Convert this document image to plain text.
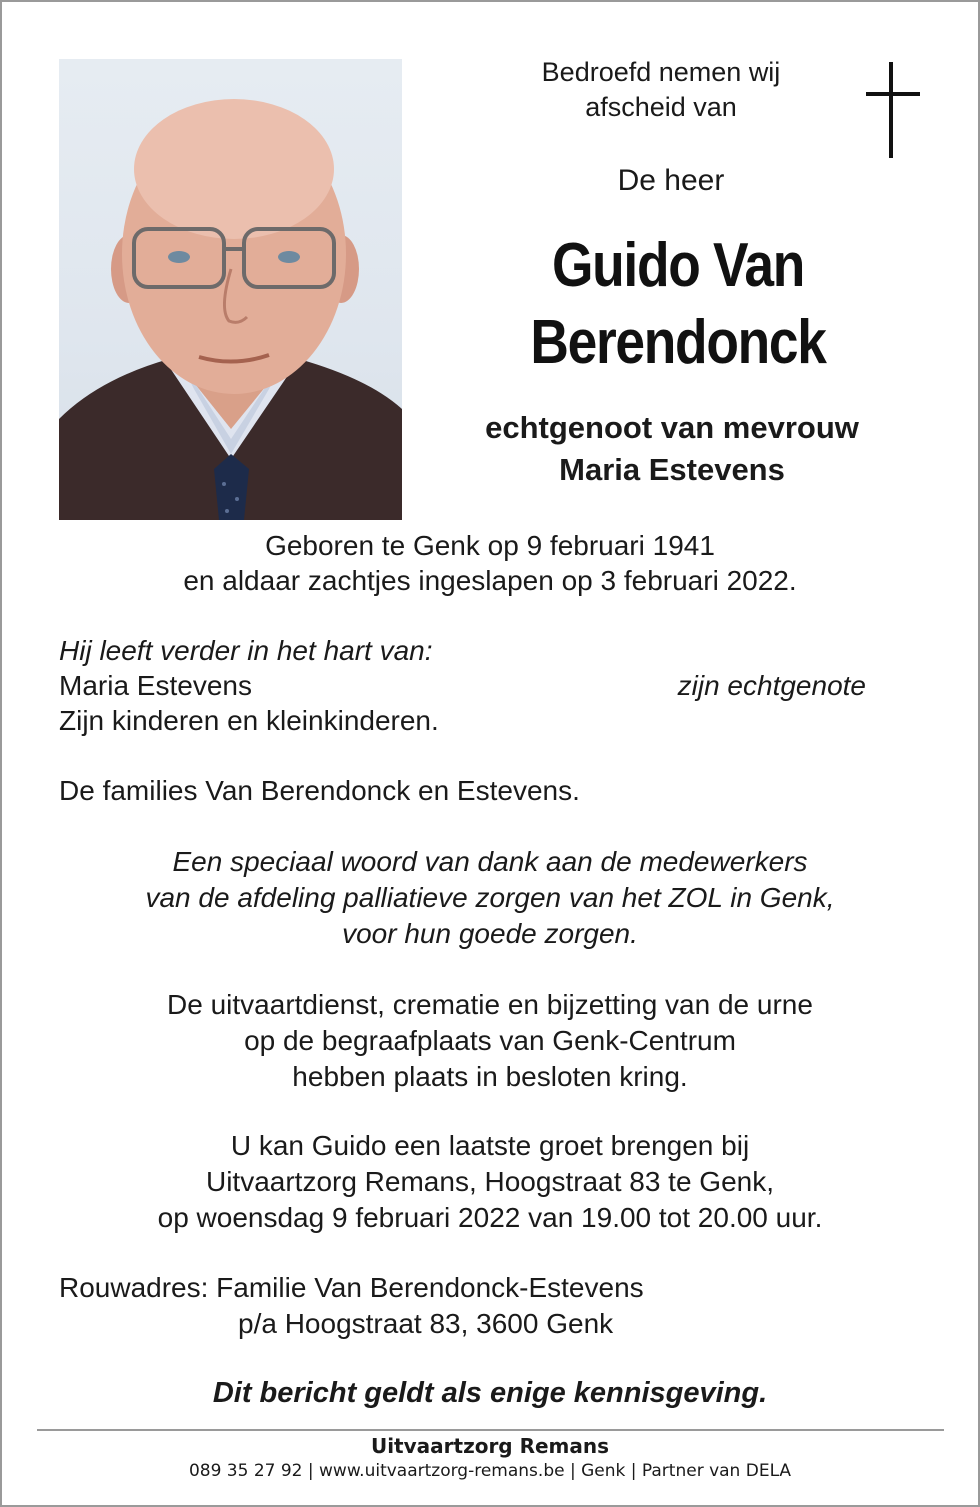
Bedroefd nemen wij

afscheid van

De heer

Guido Van

Berendonck

echtgenoot van mevrouw

Maria Estevens

Geboren te Genk op 9 februari 1941

en aldaar zachtjes ingeslapen op 3 februari 2022.

Hij leeft verder in het hart van:

Maria Estevens	zijn echtgenote

Zijn kinderen en kleinkinderen.

De families Van Berendonck en Estevens.

Een speciaal woord van dank aan de medewerkers

van de afdeling palliatieve zorgen van het ZOL in Genk,

voor hun goede zorgen.

De uitvaartdienst, crematie en bijzetting van de urne

op de begraafplaats van Genk-Centrum

hebben plaats in besloten kring.

U kan Guido een laatste groet brengen bij

Uitvaartzorg Remans, Hoogstraat 83 te Genk,

op woensdag 9 februari 2022 van 19.00 tot 20.00 uur.

Rouwadres: Familie Van Berendonck-Estevens

p/a Hoogstraat 83, 3600 Genk

Dit bericht geldt als enige kennisgeving.

Uitvaartzorg Remans

089 35 27 92 | www.uitvaartzorg-remans.be | Genk | Partner van DELA
